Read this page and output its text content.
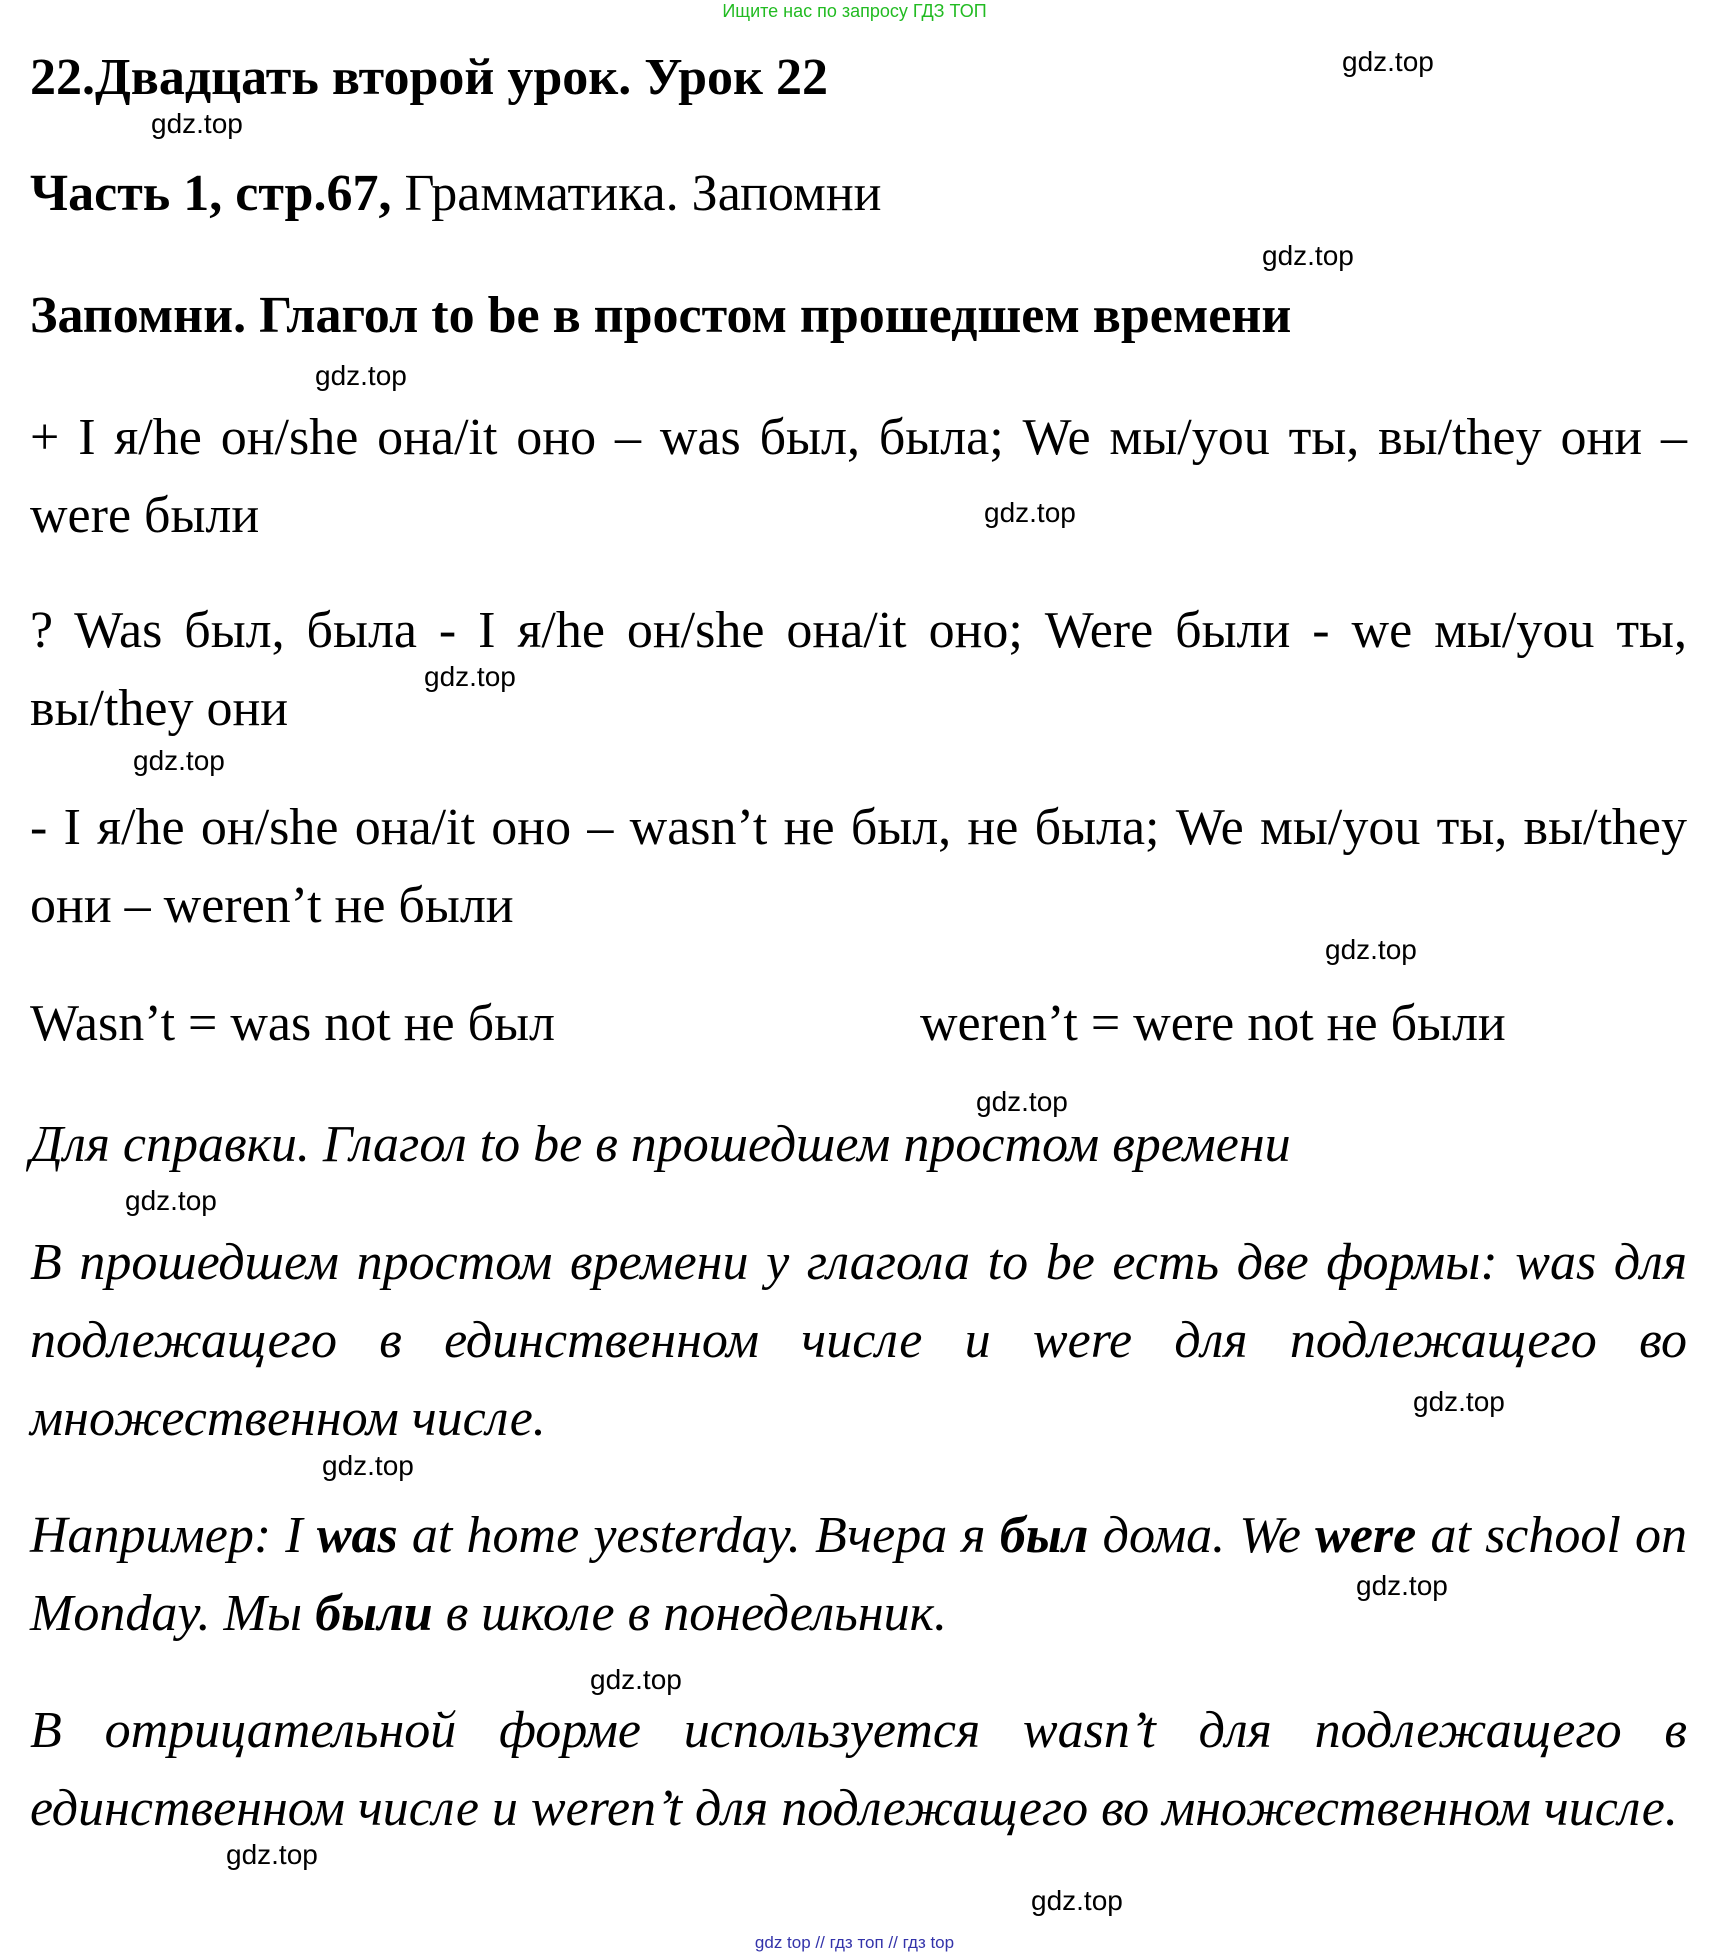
Ищите нас по запросу ГДЗ ТОП
22.Двадцать второй урок. Урок 22
Часть 1, стр.67, Грамматика. Запомни
Запомни. Глагол to be в простом прошедшем времени
+ I я/he он/she она/it оно – was был, была; We мы/you ты, вы/they они – were были
? Was был, была - I я/he он/she она/it оно; Were были - we мы/you ты, вы/they они
- I я/he он/she она/it оно – wasn’t не был, не была; We мы/you ты, вы/they они – weren’t не были
Wasn’t = was not не был	weren’t = were not не были
Для справки. Глагол to be в прошедшем простом времени
В прошедшем простом времени у глагола to be есть две формы: was для подлежащего в единственном числе и were для подлежащего во множественном числе.
Например: I was at home yesterday. Вчера я был дома. We were at school on Monday. Мы были в школе в понедельник.
В отрицательной форме используется wasn’t для подлежащего в единственном числе и weren’t для подлежащего во множественном числе.
gdz.top
gdz.top
gdz.top
gdz.top
gdz.top
gdz.top
gdz.top
gdz.top
gdz.top
gdz.top
gdz.top
gdz.top
gdz.top
gdz.top
gdz.top
gdz.top
gdz top // гдз топ // гдз top
